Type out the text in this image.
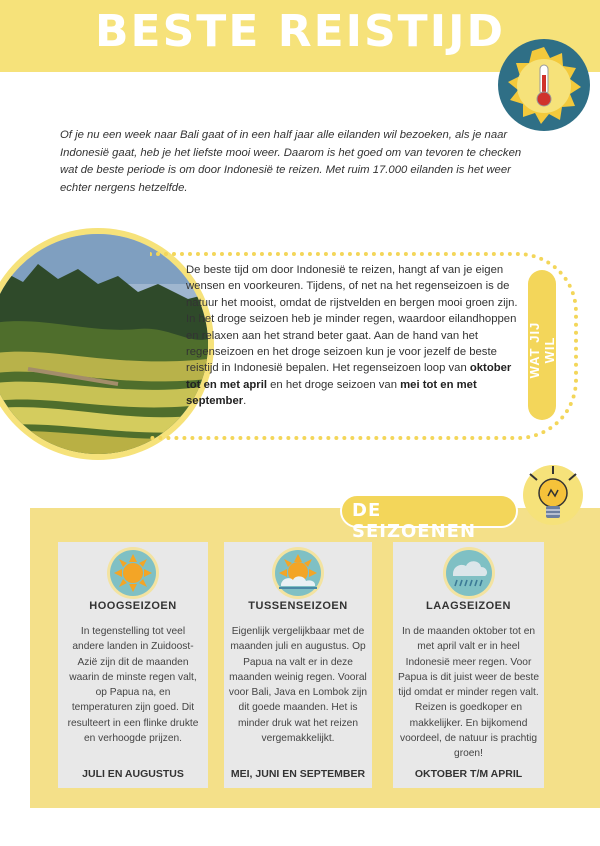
BESTE REISTIJD

Of je nu een week naar Bali gaat of in een half jaar alle eilanden wil bezoeken, als je naar Indonesië gaat, heb je het liefste mooi weer. Daarom is het goed om van tevoren te checken wat de beste periode is om door Indonesië te reizen. Met ruim 17.000 eilanden is het weer echter nergens hetzelfde.

De beste tijd om door Indonesië te reizen, hangt af van je eigen wensen en voorkeuren. Tijdens, of net na het regenseizoen is de natuur het mooist, omdat de rijstvelden en bergen mooi groen zijn. In het droge seizoen heb je minder regen, waardoor eilandhoppen en relaxen aan het strand beter gaat. Aan de hand van het regenseizoen en het droge seizoen kun je voor jezelf de beste reistijd in Indonesië bepalen. Het regenseizoen loop van oktober tot en met april en het droge seizoen van mei tot en met september.

WAT JIJ WIL
DE SEIZOENEN
HOOGSEIZOEN
In tegenstelling tot veel andere landen in Zuidoost-Azië zijn dit de maanden waarin de minste regen valt, op Papua na, en temperaturen zijn goed. Dit resulteert in een flinke drukte en verhoogde prijzen.
JULI EN AUGUSTUS
TUSSENSEIZOEN
Eigenlijk vergelijkbaar met de maanden juli en augustus. Op Papua na valt er in deze maanden weinig regen. Vooral voor Bali, Java en Lombok zijn dit goede maanden. Het is minder druk wat het reizen vergemakkelijkt.
MEI, JUNI EN SEPTEMBER
LAAGSEIZOEN
In de maanden oktober tot en met april valt er in heel Indonesië meer regen. Voor Papua is dit juist weer de beste tijd omdat er minder regen valt. Reizen is goedkoper en makkelijker. En bijkomend voordeel, de natuur is prachtig groen!
OKTOBER T/M APRIL
